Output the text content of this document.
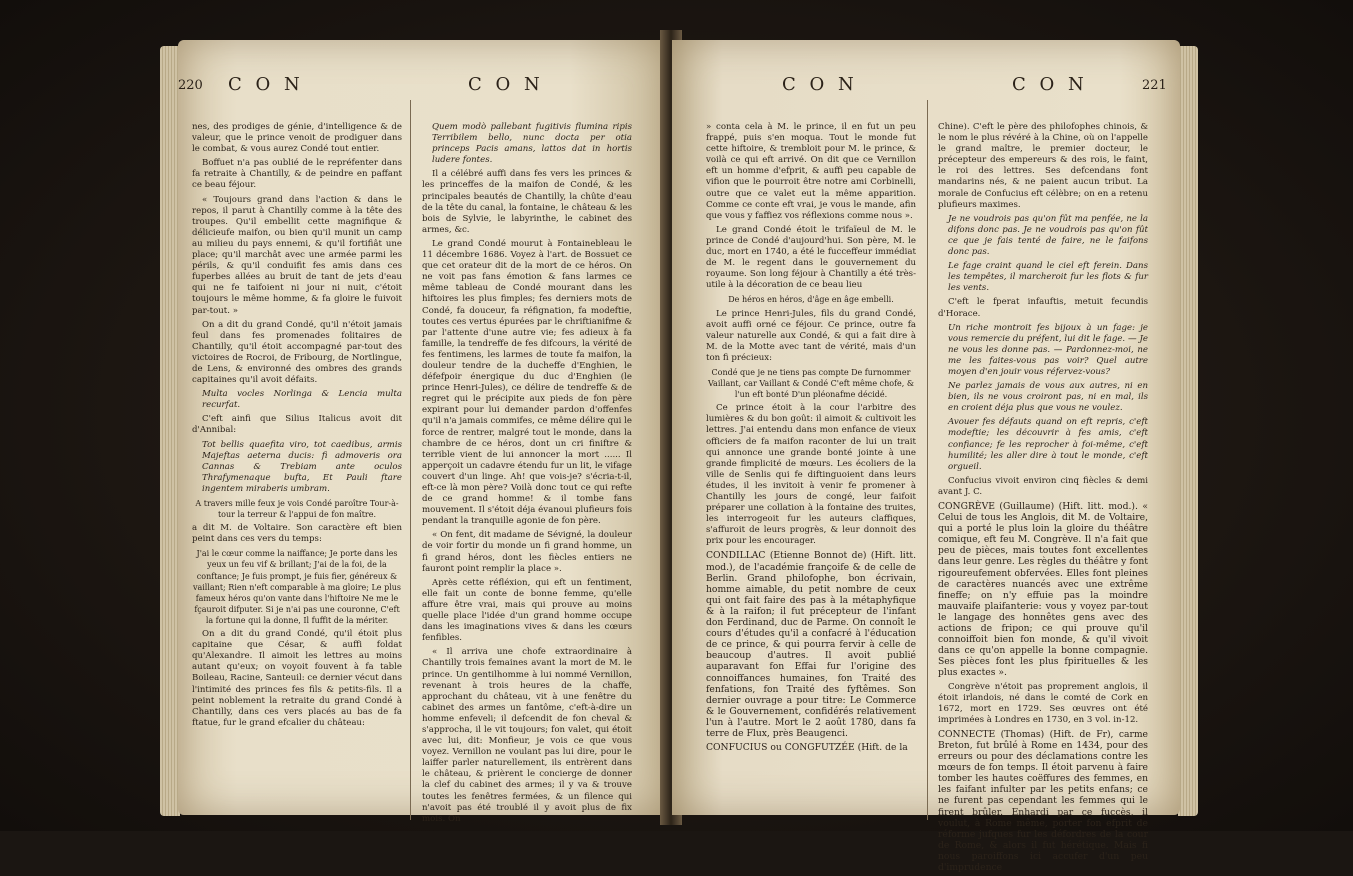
220 C O N	C O N

nes, des prodiges de génie, d'intelligence & de valeur, que le prince venoit de prodiguer dans le combat, & vous aurez Condé tout entier.

Boffuet n'a pas oublié de le repréfenter dans fa retraite à Chantilly, & de peindre en paffant ce beau féjour.

« Toujours grand dans l'action & dans le repos, il parut à Chantilly comme à la tête des troupes. Qu'il embellit cette magnifique & délicieufe maifon, ou bien qu'il munit un camp au milieu du pays ennemi, & qu'il fortifiât une place; qu'il marchât avec une armée parmi les périls, & qu'il conduifit fes amis dans ces fuperbes allées au bruit de tant de jets d'eau qui ne fe taifoient ni jour ni nuit, c'étoit toujours le même homme, & fa gloire le fuivoit par-tout. »

On a dit du grand Condé, qu'il n'étoit jamais feul dans fes promenades folitaires de Chantilly, qu'il étoit accompagné par-tout des victoires de Rocroi, de Fribourg, de Nortlingue, de Lens, & environné des ombres des grands capitaines qu'il avoit défaits.

Multa vocles Norlinga & Lencia multa recurfat.

C'eft ainfi que Silius Italicus avoit dit d'Annibal:

Tot bellis quaefita viro, tot caedibus, armis Majeftas aeterna ducis: fi admoveris ora Cannas & Trebiam ante oculos Thrafymenaque bufta, Et Pauli ftare ingentem miraberis umbram.

A travers mille feux je vois Condé paroître Tour-à-tour la terreur & l'appui de fon maître.

a dit M. de Voltaire. Son caractère eft bien peint dans ces vers du temps:

J'ai le cœur comme la naiffance; Je porte dans les yeux un feu vif & brillant; J'ai de la foi, de la conftance; Je fuis prompt, je fuis fier, généreux & vaillant; Rien n'eft comparable à ma gloire; Le plus fameux héros qu'on vante dans l'hiftoire Ne me le fçauroit difputer. Si je n'ai pas une couronne, C'eft la fortune qui la donne, Il fuffit de la mériter.

On a dit du grand Condé, qu'il étoit plus capitaine que César, & auffi foldat qu'Alexandre. Il aimoit les lettres au moins autant qu'eux; on voyoit fouvent à fa table Boileau, Racine, Santeuil: ce dernier vécut dans l'intimité des princes fes fils & petits-fils. Il a peint noblement la retraite du grand Condé à Chantilly, dans ces vers placés au bas de fa ftatue, fur le grand efcalier du château:

Quem modò pallebant fugitivis flumina ripis Terribilem bello, nunc docta per otia princeps Pacis amans, lattos dat in hortis ludere fontes.

Il a célébré auffi dans fes vers les princes & les princeffes de la maifon de Condé, & les principales beautés de Chantilly, la chûte d'eau de la tête du canal, la fontaine, le château & les bois de Sylvie, le labyrinthe, le cabinet des armes, &c.

Le grand Condé mourut à Fontainebleau le 11 décembre 1686. Voyez à l'art. de Bossuet ce que cet orateur dit de la mort de ce héros. On ne voit pas fans émotion & fans larmes ce même tableau de Condé mourant dans les hiftoires les plus fimples; fes derniers mots de Condé, fa douceur, fa réfignation, fa modeftie, toutes ces vertus épurées par le chriftianifme & par l'attente d'une autre vie; fes adieux à fa famille, la tendreffe de fes difcours, la vérité de fes fentimens, les larmes de toute fa maifon, la douleur tendre de la ducheffe d'Enghien, le défefpoir énergique du duc d'Enghien (le prince Henri-Jules), ce délire de tendreffe & de regret qui le précipite aux pieds de fon père expirant pour lui demander pardon d'offenfes qu'il n'a jamais commifes, ce même délire qui le force de rentrer, malgré tout le monde, dans la chambre de ce héros, dont un cri finiftre & terrible vient de lui annoncer la mort ...... Il apperçoit un cadavre étendu fur un lit, le vifage couvert d'un linge. Ah! que vois-je? s'écria-t-il, eft-ce là mon père? Voilà donc tout ce qui refte de ce grand homme! & il tombe fans mouvement. Il s'étoit déja évanoui plufieurs fois pendant la tranquille agonie de fon père.

« On fent, dit madame de Sévigné, la douleur de voir fortir du monde un fi grand homme, un fi grand héros, dont les fiècles entiers ne fauront point remplir la place ».

Après cette réfléxion, qui eft un fentiment, elle fait un conte de bonne femme, qu'elle affure être vrai, mais qui prouve au moins quelle place l'idée d'un grand homme occupe dans les imaginations vives & dans les cœurs fenfibles.

« Il arriva une chofe extraordinaire à Chantilly trois femaines avant la mort de M. le prince. Un gentilhomme à lui nommé Vernillon, revenant à trois heures de la chaffe, approchant du château, vit à une fenêtre du cabinet des armes un fantôme, c'eft-à-dire un homme enfeveli; il defcendit de fon cheval & s'approcha, il le vit toujours; fon valet, qui étoit avec lui, dit: Monfieur, je vois ce que vous voyez. Vernillon ne voulant pas lui dire, pour le laiffer parler naturellement, ils entrèrent dans le château, & prièrent le concierge de donner la clef du cabinet des armes; il y va & trouve toutes les fenêtres fermées, & un filence qui n'avoit pas été troublé il y avoit plus de fix mois. On

C O N	C O N	221

» conta cela à M. le prince, il en fut un peu frappé, puis s'en moqua. Tout le monde fut cette hiftoire, & trembloit pour M. le prince, & voilà ce qui eft arrivé. On dit que ce Vernillon eft un homme d'efprit, & auffi peu capable de vifion que le pourroit être notre ami Corbinelli, outre que ce valet eut la même apparition. Comme ce conte eft vrai, je vous le mande, afin que vous y faffiez vos réflexions comme nous ».

Le grand Condé étoit le trifaïeul de M. le prince de Condé d'aujourd'hui. Son père, M. le duc, mort en 1740, a été le fucceffeur immédiat de M. le regent dans le gouvernement du royaume. Son long féjour à Chantilly a été très-utile à la décoration de ce beau lieu

De héros en héros, d'âge en âge embelli.

Le prince Henri-Jules, fils du grand Condé, avoit auffi orné ce féjour. Ce prince, outre fa valeur naturelle aux Condé, & qui a fait dire à M. de la Motte avec tant de vérité, mais d'un ton fi précieux:

Condé que je ne tiens pas compte De furnommer Vaillant, car Vaillant & Condé C'eft même chofe, & l'un eft bonté D'un pléonafme décidé.

Ce prince étoit à la cour l'arbitre des lumières & du bon goût: il aimoit & cultivoit les lettres. J'ai entendu dans mon enfance de vieux officiers de fa maifon raconter de lui un trait qui annonce une grande bonté jointe à une grande fimplicité de mœurs. Les écoliers de la ville de Senlis qui fe diftinguoient dans leurs études, il les invitoit à venir fe promener à Chantilly les jours de congé, leur faifoit préparer une collation à la fontaine des truites, les interrogeoit fur les auteurs claffiques, s'affuroit de leurs progrès, & leur donnoit des prix pour les encourager.

CONDILLAC (Etienne Bonnot de) (Hift. litt. mod.), de l'académie françoife & de celle de Berlin. Grand philofophe, bon écrivain, homme aimable, du petit nombre de ceux qui ont fait faire des pas à la métaphyfique & à la raifon; il fut précepteur de l'infant don Ferdinand, duc de Parme. On connoît le cours d'études qu'il a confacré à l'éducation de ce prince, & qui pourra fervir à celle de beaucoup d'autres. Il avoit publié auparavant fon Effai fur l'origine des connoiffances humaines, fon Traité des fenfations, fon Traité des fyftêmes. Son dernier ouvrage a pour titre: Le Commerce & le Gouvernement, confidérés relativement l'un à l'autre. Mort le 2 août 1780, dans fa terre de Flux, près Beaugenci.

CONFUCIUS ou CONGFUTZÉE (Hift. de la

Chine). C'eft le père des philofophes chinois, & le nom le plus révéré à la Chine, où on l'appelle le grand maître, le premier docteur, le précepteur des empereurs & des rois, le faint, le roi des lettres. Ses defcendans font mandarins nés, & ne paient aucun tribut. La morale de Confucius eft célèbre; on en a retenu plufieurs maximes.

Je ne voudrois pas qu'on fût ma penfée, ne la difons donc pas. Je ne voudrois pas qu'on fût ce que je fais tenté de faire, ne le faifons donc pas.

Le fage craint quand le ciel eft ferein. Dans les tempêtes, il marcheroit fur les flots & fur les vents.

C'eft le fperat infauftis, metuit fecundis d'Horace.

Un riche montroit fes bijoux à un fage: je vous remercie du préfent, lui dit le fage. — Je ne vous les donne pas. — Pardonnez-moi, ne me les faites-vous pas voir? Quel autre moyen d'en jouir vous réfervez-vous?

Ne parlez jamais de vous aux autres, ni en bien, ils ne vous croiront pas, ni en mal, ils en croient déja plus que vous ne voulez.

Avouer fes défauts quand on eft repris, c'eft modeftie; les découvrir à fes amis, c'eft confiance; fe les reprocher à foi-même, c'eft humilité; les aller dire à tout le monde, c'eft orgueil.

Confucius vivoit environ cinq fiècles & demi avant J. C.

CONGRÈVE (Guillaume) (Hift. litt. mod.). « Celui de tous les Anglois, dit M. de Voltaire, qui a porté le plus loin la gloire du théâtre comique, eft feu M. Congrève. Il n'a fait que peu de pièces, mais toutes font excellentes dans leur genre. Les règles du théâtre y font rigoureufement obfervées. Elles font pleines de caractères nuancés avec une extrême fineffe; on n'y effuie pas la moindre mauvaife plaifanterie: vous y voyez par-tout le langage des honnêtes gens avec des actions de fripon; ce qui prouve qu'il connoiffoit bien fon monde, & qu'il vivoit dans ce qu'on appelle la bonne compagnie. Ses pièces font les plus fpirituelles & les plus exactes ».

Congrève n'étoit pas proprement anglois, il étoit irlandois, né dans le comté de Cork en 1672, mort en 1729. Ses œuvres ont été imprimées à Londres en 1730, en 3 vol. in-12.

CONNECTE (Thomas) (Hift. de Fr), carme Breton, fut brûlé à Rome en 1434, pour des erreurs ou pour des déclamations contre les mœurs de fon temps. Il étoit parvenu à faire tomber les hautes coëffures des femmes, en les faifant infulter par les petits enfans; ce ne furent pas cependant les femmes qui le firent brûler. Enhardi par ce fuccès, il voulut, à Rome même, porter fon efprit de réforme jufques fur les défordres de la cour de Rome, & alors il fut hérétique. Mais fi nous paroiffons ici accufer d'un peu d'imprudence
